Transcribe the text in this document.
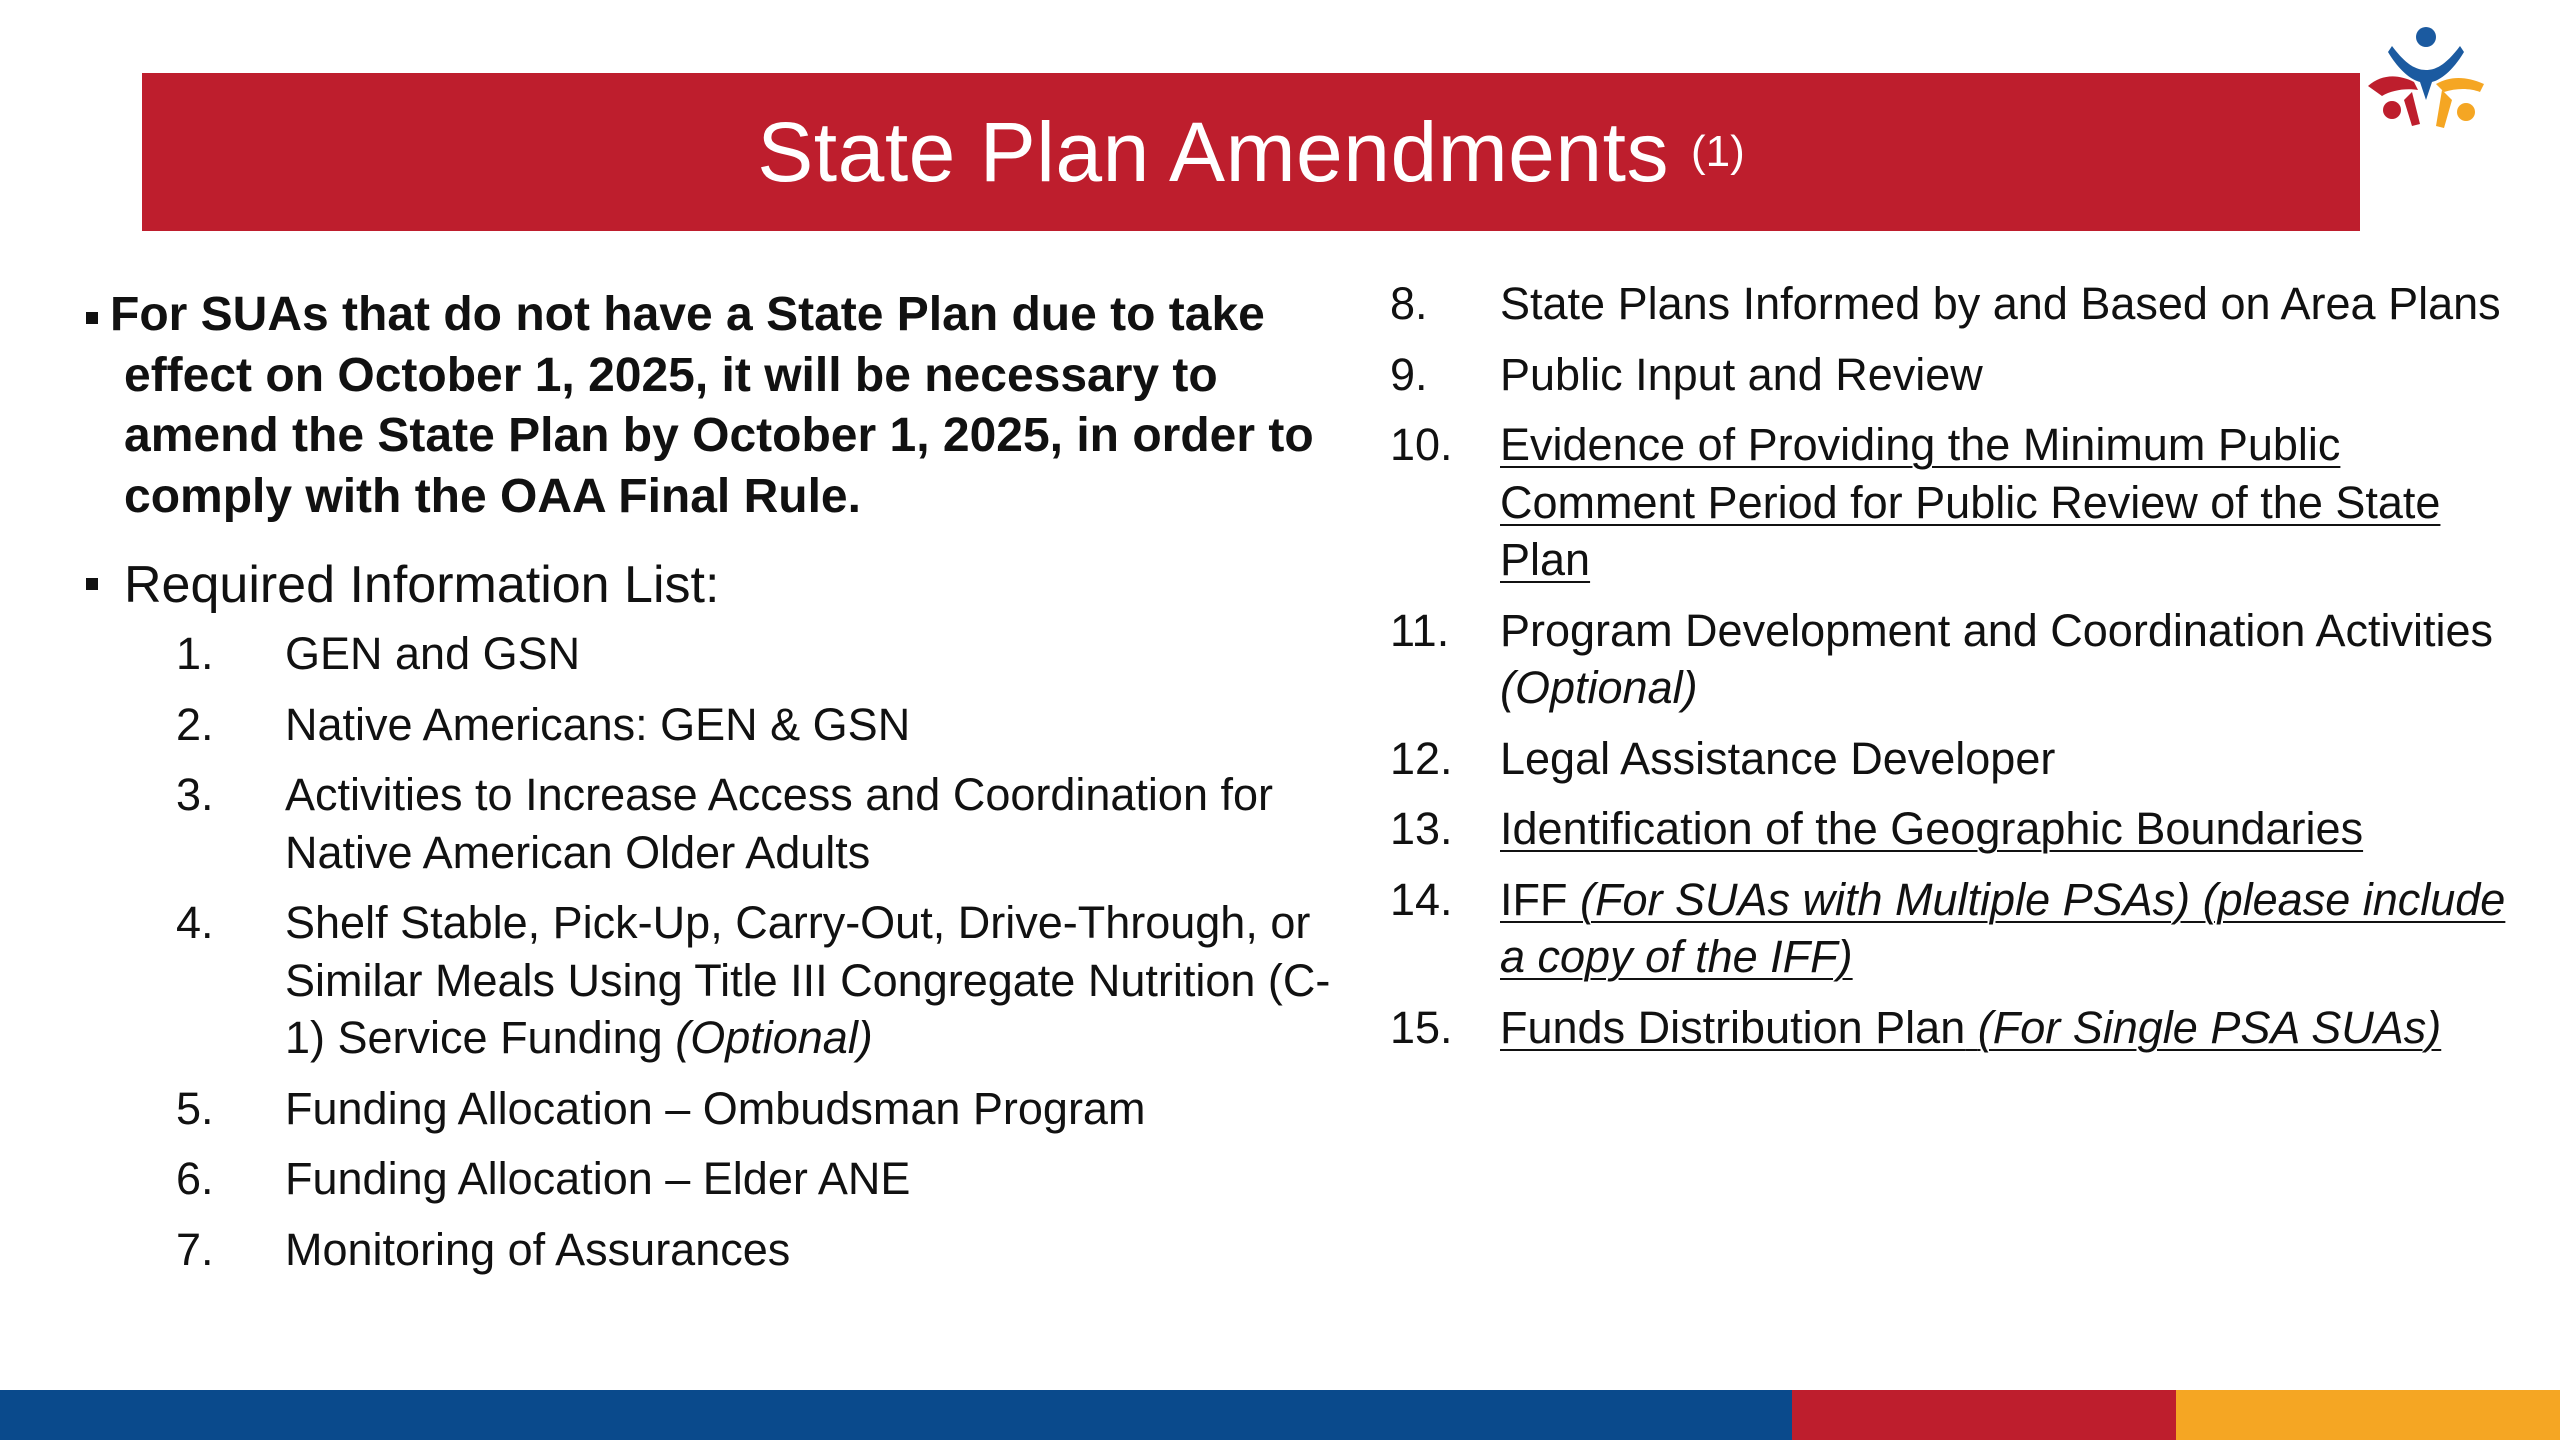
State Plan Amendments (1)
For SUAs that do not have a State Plan due to take effect on October 1, 2025, it will be necessary to amend the State Plan by October 1, 2025, in order to comply with the OAA Final Rule.
Required Information List:
1. GEN and GSN
2. Native Americans: GEN & GSN
3. Activities to Increase Access and Coordination for Native American Older Adults
4. Shelf Stable, Pick-Up, Carry-Out, Drive-Through, or Similar Meals Using Title III Congregate Nutrition (C-1) Service Funding (Optional)
5. Funding Allocation – Ombudsman Program
6. Funding Allocation – Elder ANE
7. Monitoring of Assurances
8. State Plans Informed by and Based on Area Plans
9. Public Input and Review
10. Evidence of Providing the Minimum Public Comment Period for Public Review of the State Plan
11. Program Development and Coordination Activities (Optional)
12. Legal Assistance Developer
13. Identification of the Geographic Boundaries
14. IFF (For SUAs with Multiple PSAs) (please include a copy of the IFF)
15. Funds Distribution Plan (For Single PSA SUAs)
